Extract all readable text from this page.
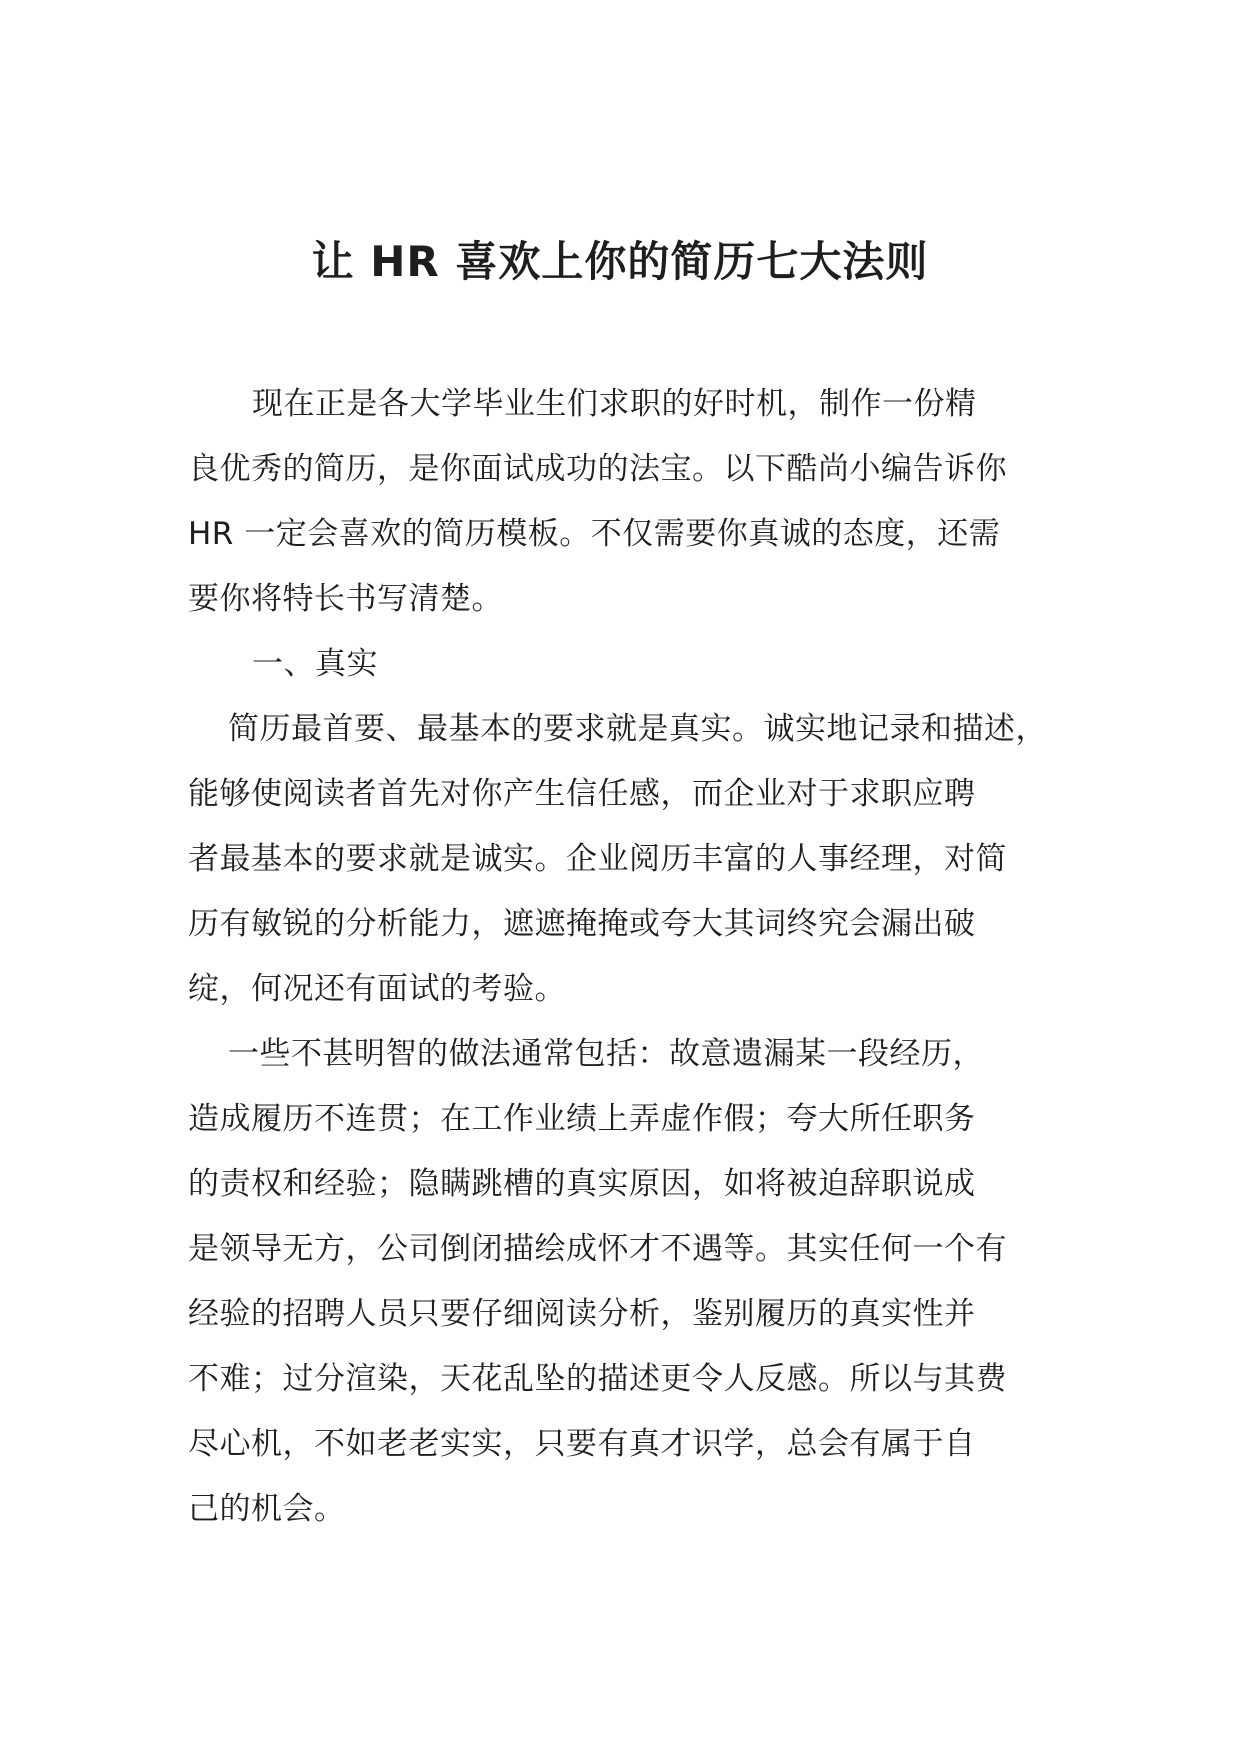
让 HR 喜欢上你的简历七大法则

现在正是各大学毕业生们求职的好时机，制作一份精

良优秀的简历，是你面试成功的法宝。以下酷尚小编告诉你

HR 一定会喜欢的简历模板。不仅需要你真诚的态度，还需

要你将特长书写清楚。

一、真实

简历最首要、最基本的要求就是真实。诚实地记录和描述，

能够使阅读者首先对你产生信任感，而企业对于求职应聘

者最基本的要求就是诚实。企业阅历丰富的人事经理，对简

历有敏锐的分析能力，遮遮掩掩或夸大其词终究会漏出破

绽，何况还有面试的考验。

一些不甚明智的做法通常包括：故意遗漏某一段经历，

造成履历不连贯；在工作业绩上弄虚作假；夸大所任职务

的责权和经验；隐瞒跳槽的真实原因，如将被迫辞职说成

是领导无方，公司倒闭描绘成怀才不遇等。其实任何一个有

经验的招聘人员只要仔细阅读分析，鉴别履历的真实性并

不难；过分渲染，天花乱坠的描述更令人反感。所以与其费

尽心机，不如老老实实，只要有真才识学，总会有属于自

己的机会。
